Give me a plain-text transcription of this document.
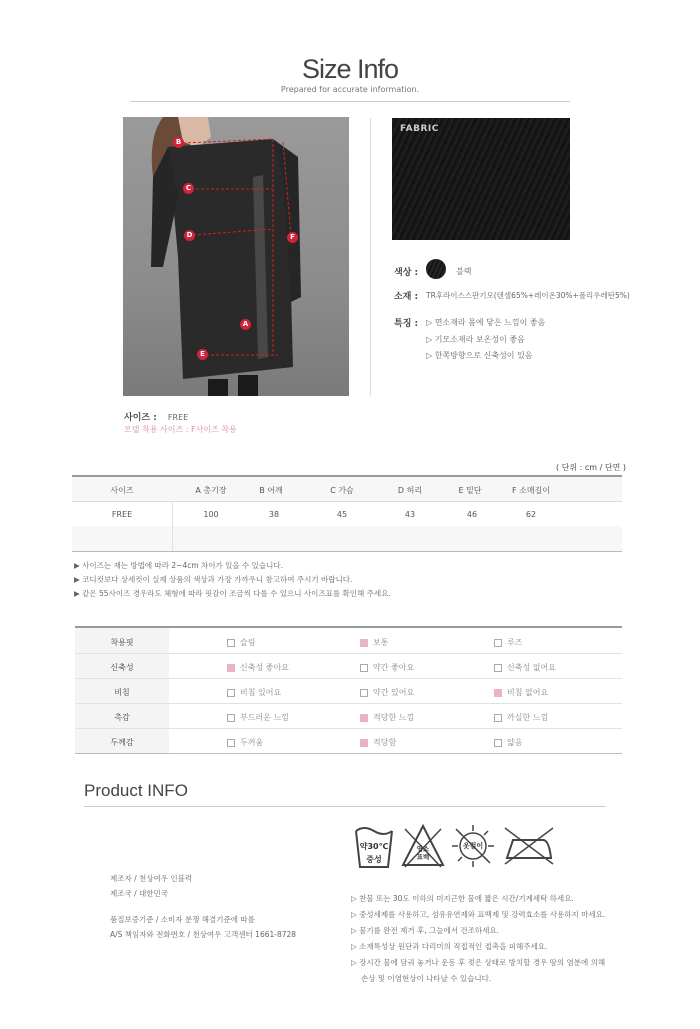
Size Info
Prepared for accurate information.
B
C
D	F
A
E
사이즈 : FREE
모델 착용 사이즈 : F사이즈 착용
FABRIC
색상 :	블랙
소재 : TR후라이스스판기모(텐셀65%+레이온30%+폴리우레탄5%)
특징 : ▷ 면소재라 몸에 닿은 느낌이 좋음
▷ 기모소재라 보온성이 좋음
▷ 한쪽방향으로 신축성이 있음
( 단위 : cm / 단면 )
사이즈	A 총기장	B 어깨	C 가슴	D 허리	E 밑단	F 소매길이
FREE	100	38	45	43	46	62
▶ 사이즈는 재는 방법에 따라 2~4cm 차이가 있을 수 있습니다.
▶ 코디컷보다 상세컷이 실제 상품의 색상과 가장 가까우니 참고하여 주시기 바랍니다.
▶ 같은 55사이즈 경우라도 체형에 따라 핏감이 조금씩 다를 수 있으니 사이즈표를 확인해 주세요.
착용핏	슬림	보통	루즈
신축성	신축성 좋아요	약간 좋아요	신축성 없어요
비침	비침 있어요	약간 있어요	비침 없어요
촉감	부드러운 느낌	적당한 느낌	까실한 느낌
두께감	두꺼움	적당함	얇음
Product INFO
제조자 / 천상여우 인블럭
제조국 / 대한민국
품질보증기준 / 소비자 분쟁 해결기준에 따름
A/S 책임자와 전화번호 / 천상여우 고객센터 1661-8728
약30℃
중성
염소
표백
옷걸이
▷ 찬물 또는 30도 이하의 미지근한 물에 짧은 시간/기계세탁 하세요.
▷ 중성세제를 사용하고, 섬유유연제와 표백제 및 강력효소를 사용하지 마세요.
▷ 물기를 완전 제거 후, 그늘에서 건조하세요.
▷ 소재특성상 원단과 다리미의 직접적인 접촉을 피해주세요.
▷ 장시간 물에 담궈 놓거나 운동 후 젖은 상태로 방치할 경우 땀의 염분에 의해
손상 및 이염현상이 나타날 수 있습니다.
